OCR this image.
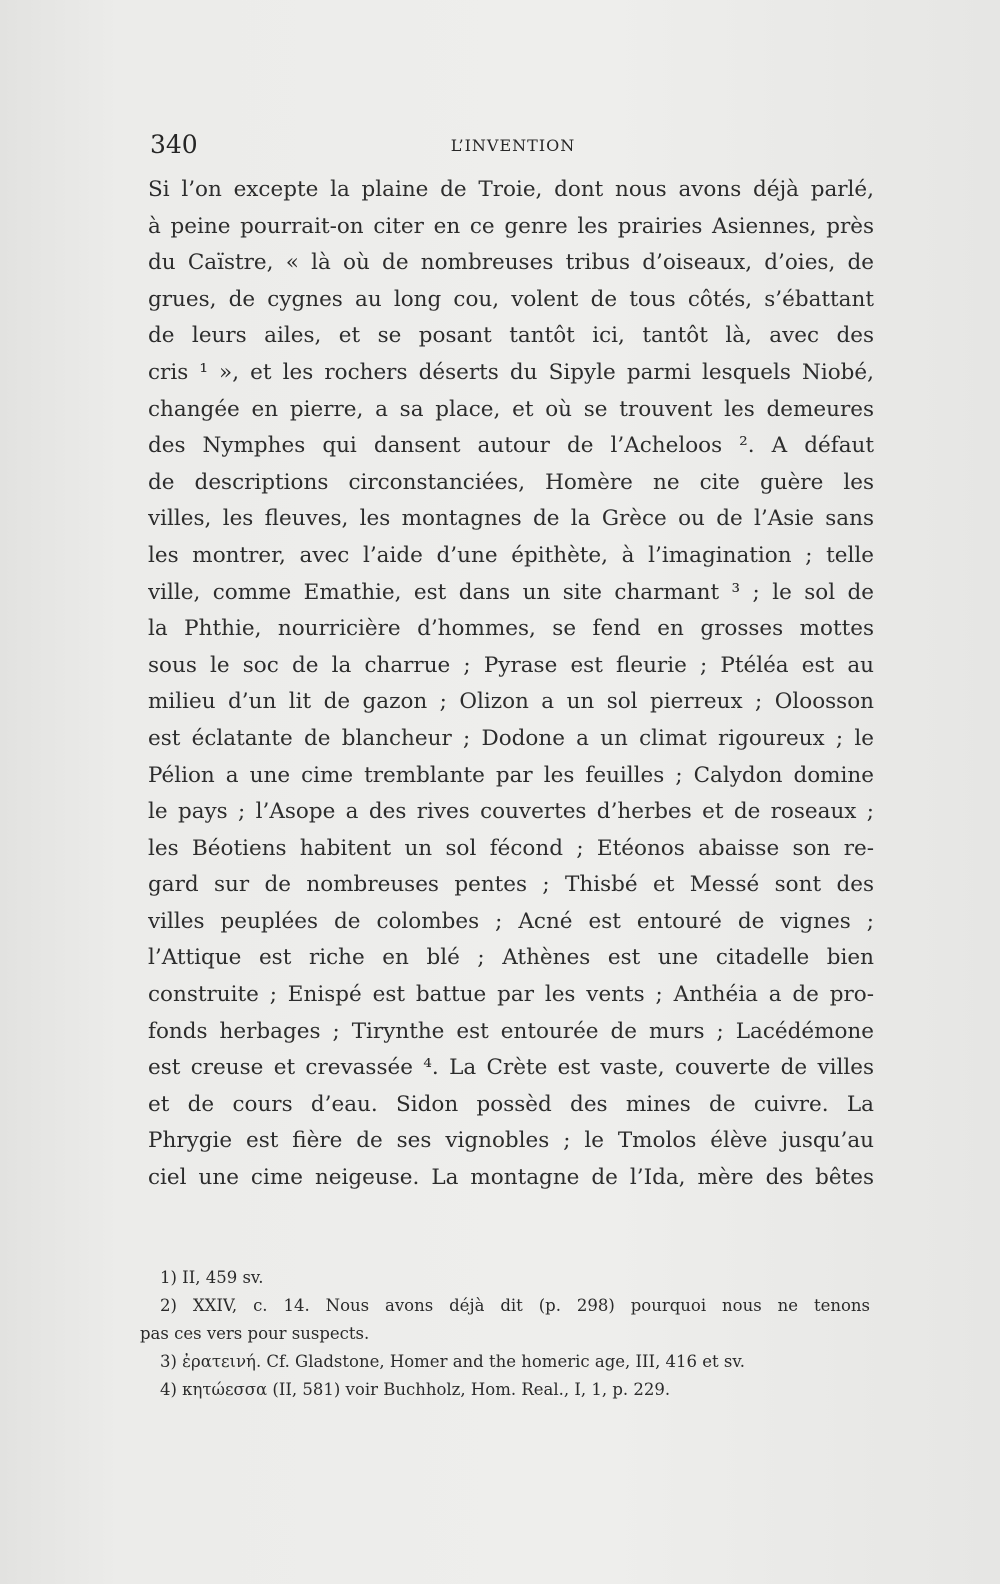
340	L’INVENTION
Si l’on excepte la plaine de Troie, dont nous avons déjà parlé,
à peine pourrait-on citer en ce genre les prairies Asiennes, près
du Caïstre, « là où de nombreuses tribus d’oiseaux, d’oies, de
grues, de cygnes au long cou, volent de tous côtés, s’ébattant
de leurs ailes, et se posant tantôt ici, tantôt là, avec des
cris ¹ », et les rochers déserts du Sipyle parmi lesquels Niobé,
changée en pierre, a sa place, et où se trouvent les demeures
des Nymphes qui dansent autour de l’Acheloos ². A défaut
de descriptions circonstanciées, Homère ne cite guère les
villes, les fleuves, les montagnes de la Grèce ou de l’Asie sans
les montrer, avec l’aide d’une épithète, à l’imagination ; telle
ville, comme Emathie, est dans un site charmant ³ ; le sol de
la Phthie, nourricière d’hommes, se fend en grosses mottes
sous le soc de la charrue ; Pyrase est fleurie ; Ptéléa est au
milieu d’un lit de gazon ; Olizon a un sol pierreux ; Oloosson
est éclatante de blancheur ; Dodone a un climat rigoureux ; le
Pélion a une cime tremblante par les feuilles ; Calydon domine
le pays ; l’Asope a des rives couvertes d’herbes et de roseaux ;
les Béotiens habitent un sol fécond ; Etéonos abaisse son re-
gard sur de nombreuses pentes ; Thisbé et Messé sont des
villes peuplées de colombes ; Acné est entouré de vignes ;
l’Attique est riche en blé ; Athènes est une citadelle bien
construite ; Enispé est battue par les vents ; Anthéia a de pro-
fonds herbages ; Tirynthe est entourée de murs ; Lacédémone
est creuse et crevassée ⁴. La Crète est vaste, couverte de villes
et de cours d’eau. Sidon possèd des mines de cuivre. La
Phrygie est fière de ses vignobles ; le Tmolos élève jusqu’au
ciel une cime neigeuse. La montagne de l’Ida, mère des bêtes
1) II, 459 sv.
2) XXIV, c. 14. Nous avons déjà dit (p. 298) pourquoi nous ne tenons
pas ces vers pour suspects.
3) ἐρατεινή. Cf. Gladstone, Homer and the homeric age, III, 416 et sv.
4) κητώεσσα (II, 581) voir Buchholz, Hom. Real., I, 1, p. 229.
